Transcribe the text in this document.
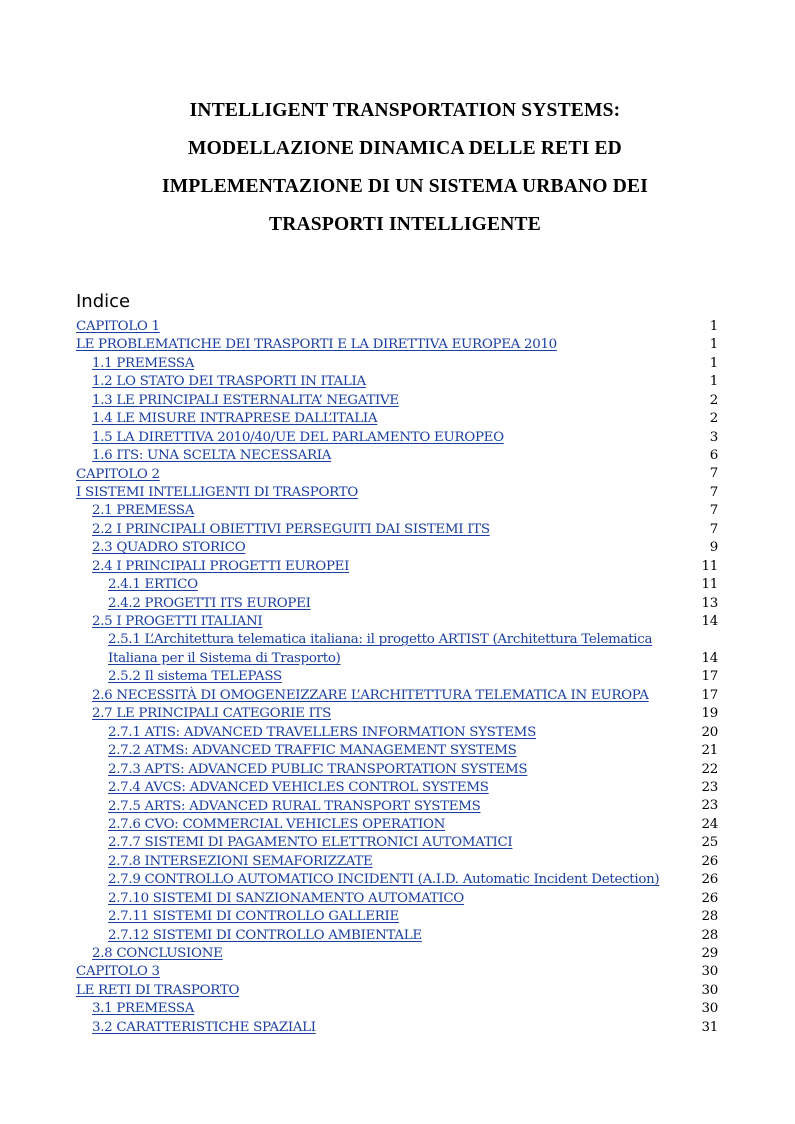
INTELLIGENT TRANSPORTATION SYSTEMS:
MODELLAZIONE DINAMICA DELLE RETI ED
IMPLEMENTAZIONE DI UN SISTEMA URBANO DEI
TRASPORTI INTELLIGENTE
Indice
CAPITOLO 1	1
LE PROBLEMATICHE DEI TRASPORTI E LA DIRETTIVA EUROPEA 2010	1
1.1 PREMESSA	1
1.2 LO STATO DEI TRASPORTI IN ITALIA	1
1.3 LE PRINCIPALI ESTERNALITA’ NEGATIVE	2
1.4 LE MISURE INTRAPRESE DALL’ITALIA	2
1.5 LA DIRETTIVA 2010/40/UE DEL PARLAMENTO EUROPEO	3
1.6 ITS: UNA SCELTA NECESSARIA	6
CAPITOLO 2	7
I SISTEMI INTELLIGENTI DI TRASPORTO	7
2.1 PREMESSA	7
2.2 I PRINCIPALI OBIETTIVI PERSEGUITI DAI SISTEMI ITS	7
2.3 QUADRO STORICO	9
2.4 I PRINCIPALI PROGETTI EUROPEI	11
2.4.1 ERTICO	11
2.4.2 PROGETTI ITS EUROPEI	13
2.5 I PROGETTI ITALIANI	14
2.5.1 L’Architettura telematica italiana: il progetto ARTIST (Architettura Telematica Italiana per il Sistema di Trasporto)	14
2.5.2 Il sistema TELEPASS	17
2.6 NECESSITÀ DI OMOGENEIZZARE L’ARCHITETTURA TELEMATICA IN EUROPA	17
2.7 LE PRINCIPALI CATEGORIE ITS	19
2.7.1 ATIS: ADVANCED TRAVELLERS INFORMATION SYSTEMS	20
2.7.2 ATMS: ADVANCED TRAFFIC MANAGEMENT SYSTEMS	21
2.7.3 APTS: ADVANCED PUBLIC TRANSPORTATION SYSTEMS	22
2.7.4 AVCS: ADVANCED VEHICLES CONTROL SYSTEMS	23
2.7.5 ARTS: ADVANCED RURAL TRANSPORT SYSTEMS	23
2.7.6 CVO: COMMERCIAL VEHICLES OPERATION	24
2.7.7 SISTEMI DI PAGAMENTO ELETTRONICI AUTOMATICI	25
2.7.8 INTERSEZIONI SEMAFORIZZATE	26
2.7.9 CONTROLLO AUTOMATICO INCIDENTI (A.I.D. Automatic Incident Detection)	26
2.7.10 SISTEMI DI SANZIONAMENTO AUTOMATICO	26
2.7.11 SISTEMI DI CONTROLLO GALLERIE	28
2.7.12 SISTEMI DI CONTROLLO AMBIENTALE	28
2.8 CONCLUSIONE	29
CAPITOLO 3	30
LE RETI DI TRASPORTO	30
3.1 PREMESSA	30
3.2 CARATTERISTICHE SPAZIALI	31
